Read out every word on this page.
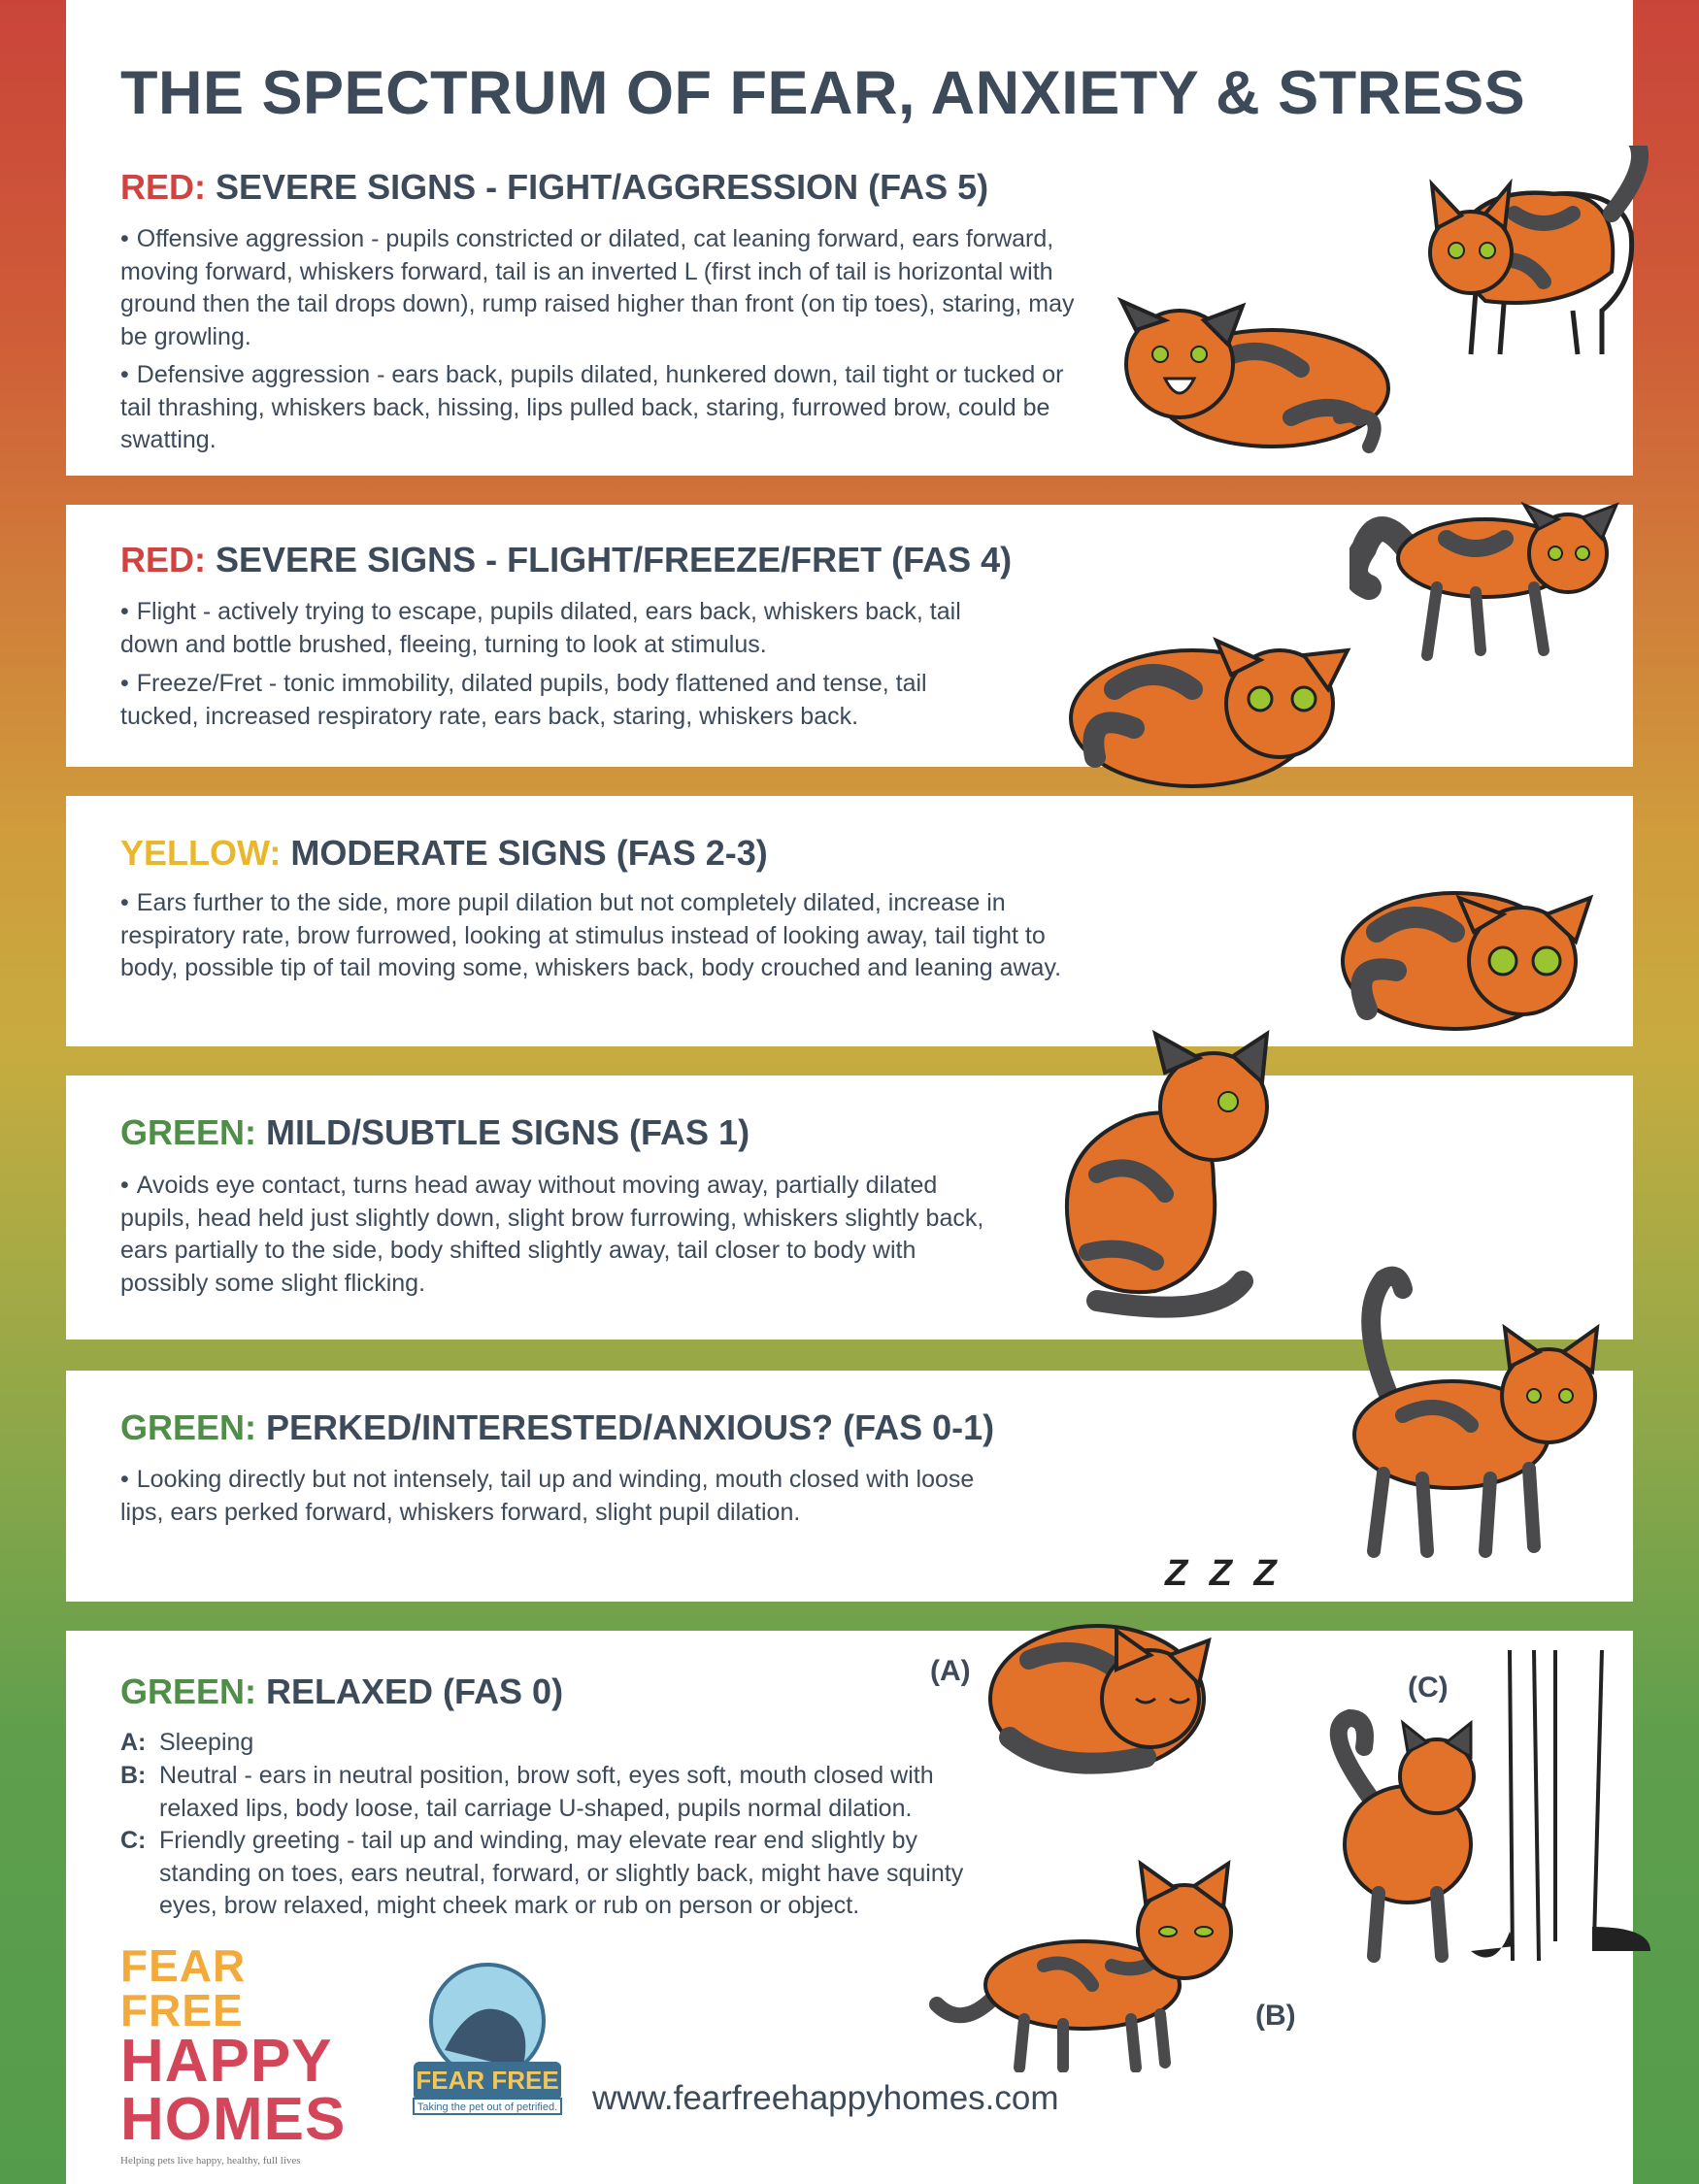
THE SPECTRUM OF FEAR, ANXIETY & STRESS
RED: SEVERE SIGNS - FIGHT/AGGRESSION (FAS 5)
• Offensive aggression - pupils constricted or dilated, cat leaning forward, ears forward, moving forward, whiskers forward, tail is an inverted L (first inch of tail is horizontal with ground then the tail drops down), rump raised higher than front (on tip toes), staring, may be growling.
• Defensive aggression - ears back, pupils dilated, hunkered down, tail tight or tucked or tail thrashing, whiskers back, hissing, lips pulled back, staring, furrowed brow, could be swatting.
RED: SEVERE SIGNS - FLIGHT/FREEZE/FRET (FAS 4)
• Flight - actively trying to escape, pupils dilated, ears back, whiskers back, tail down and bottle brushed, fleeing, turning to look at stimulus.
• Freeze/Fret - tonic immobility, dilated pupils, body flattened and tense, tail tucked, increased respiratory rate, ears back, staring, whiskers back.
YELLOW: MODERATE SIGNS (FAS 2-3)
• Ears further to the side, more pupil dilation but not completely dilated, increase in respiratory rate, brow furrowed, looking at stimulus instead of looking away, tail tight to body, possible tip of tail moving some, whiskers back, body crouched and leaning away.
GREEN: MILD/SUBTLE SIGNS (FAS 1)
• Avoids eye contact, turns head away without moving away, partially dilated pupils, head held just slightly down, slight brow furrowing, whiskers slightly back, ears partially to the side, body shifted slightly away, tail closer to body with possibly some slight flicking.
GREEN: PERKED/INTERESTED/ANXIOUS? (FAS 0-1)
• Looking directly but not intensely, tail up and winding, mouth closed with loose lips, ears perked forward, whiskers forward, slight pupil dilation.
GREEN: RELAXED (FAS 0)
A: Sleeping
B: Neutral - ears in neutral position, brow soft, eyes soft, mouth closed with relaxed lips, body loose, tail carriage U-shaped, pupils normal dilation.
C: Friendly greeting - tail up and winding, may elevate rear end slightly by standing on toes, ears neutral, forward, or slightly back, might have squinty eyes, brow relaxed, might cheek mark or rub on person or object.
Z Z Z
(A)
(C)
(B)
FEAR FREE
HAPPY
HOMES
Helping pets live happy, healthy, full lives
FEAR FREE
Taking the pet out of petrified. www.fearfreehappyhomes.com
